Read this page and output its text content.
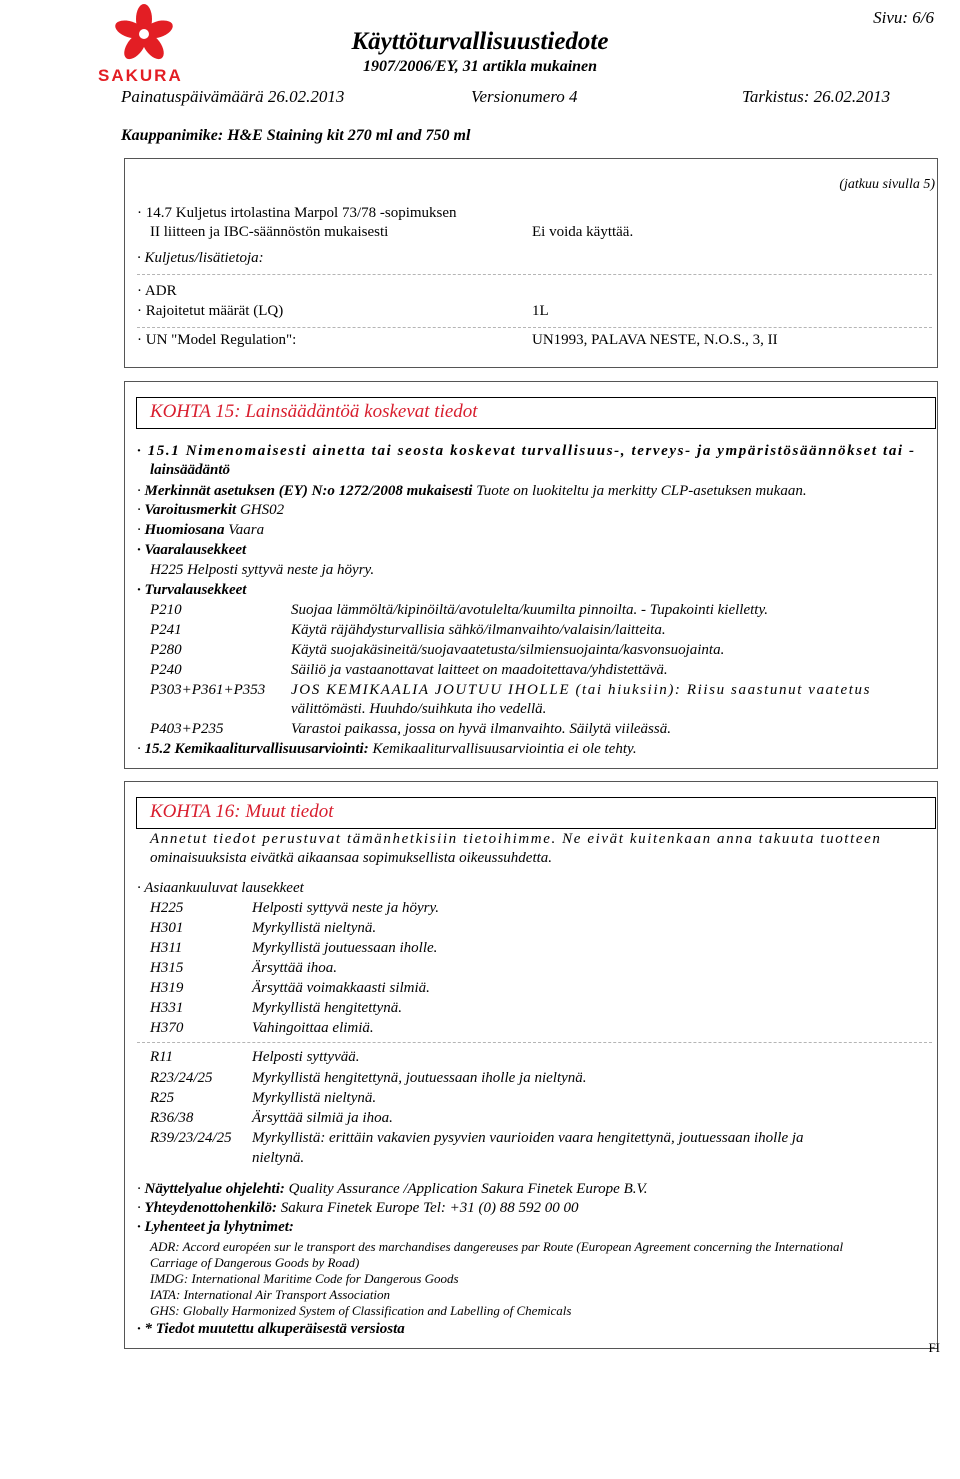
SAKURA
Käyttöturvallisuustiedote
1907/2006/EY, 31 artikla mukainen
Sivu: 6/6
Painatuspäivämäärä 26.02.2013	Versionumero 4	Tarkistus: 26.02.2013
Kauppanimike: H&E Staining kit 270 ml and 750 ml
(jatkuu sivulla 5)
· 14.7 Kuljetus irtolastina Marpol 73/78 -sopimuksen
II liitteen ja IBC-säännöstön mukaisesti	Ei voida käyttää.
· Kuljetus/lisätietoja:
· ADR
· Rajoitetut määrät (LQ)	1L
· UN "Model Regulation":	UN1993, PALAVA NESTE, N.O.S., 3, II
KOHTA 15: Lainsäädäntöä koskevat tiedot
· 15.1 Nimenomaisesti ainetta tai seosta koskevat turvallisuus-, terveys- ja ympäristösäännökset tai -
lainsäädäntö
· Merkinnät asetuksen (EY) N:o 1272/2008 mukaisesti Tuote on luokiteltu ja merkitty CLP-asetuksen mukaan.
· Varoitusmerkit GHS02
· Huomiosana Vaara
· Vaaralausekkeet
H225 Helposti syttyvä neste ja höyry.
· Turvalausekkeet
P210	Suojaa lämmöltä/kipinöiltä/avotulelta/kuumilta pinnoilta. - Tupakointi kielletty.
P241	Käytä räjähdysturvallisia sähkö/ilmanvaihto/valaisin/laitteita.
P280	Käytä suojakäsineitä/suojavaatetusta/silmiensuojainta/kasvonsuojainta.
P240	Säiliö ja vastaanottavat laitteet on maadoitettava/yhdistettävä.
P303+P361+P353 JOS KEMIKAALIA JOUTUU IHOLLE (tai hiuksiin): Riisu saastunut vaatetus
välittömästi. Huuhdo/suihkuta iho vedellä.
P403+P235	Varastoi paikassa, jossa on hyvä ilmanvaihto. Säilytä viileässä.
· 15.2 Kemikaaliturvallisuusarviointi: Kemikaaliturvallisuusarviointia ei ole tehty.
KOHTA 16: Muut tiedot
Annetut tiedot perustuvat tämänhetkisiin tietoihimme. Ne eivät kuitenkaan anna takuuta tuotteen
ominaisuuksista eivätkä aikaansaa sopimuksellista oikeussuhdetta.
· Asiaankuuluvat lausekkeet
H225	Helposti syttyvä neste ja höyry.
H301	Myrkyllistä nieltynä.
H311	Myrkyllistä joutuessaan iholle.
H315	Ärsyttää ihoa.
H319	Ärsyttää voimakkaasti silmiä.
H331	Myrkyllistä hengitettynä.
H370	Vahingoittaa elimiä.
R11	Helposti syttyvää.
R23/24/25	Myrkyllistä hengitettynä, joutuessaan iholle ja nieltynä.
R25	Myrkyllistä nieltynä.
R36/38	Ärsyttää silmiä ja ihoa.
R39/23/24/25 Myrkyllistä: erittäin vakavien pysyvien vaurioiden vaara hengitettynä, joutuessaan iholle ja
nieltynä.
· Näyttelyalue ohjelehti: Quality Assurance /Application Sakura Finetek Europe B.V.
· Yhteydenottohenkilö: Sakura Finetek Europe Tel: +31 (0) 88 592 00 00
· Lyhenteet ja lyhytnimet:
ADR: Accord européen sur le transport des marchandises dangereuses par Route (European Agreement concerning the International
Carriage of Dangerous Goods by Road)
IMDG: International Maritime Code for Dangerous Goods
IATA: International Air Transport Association
GHS: Globally Harmonized System of Classification and Labelling of Chemicals
· * Tiedot muutettu alkuperäisestä versiosta
FI
